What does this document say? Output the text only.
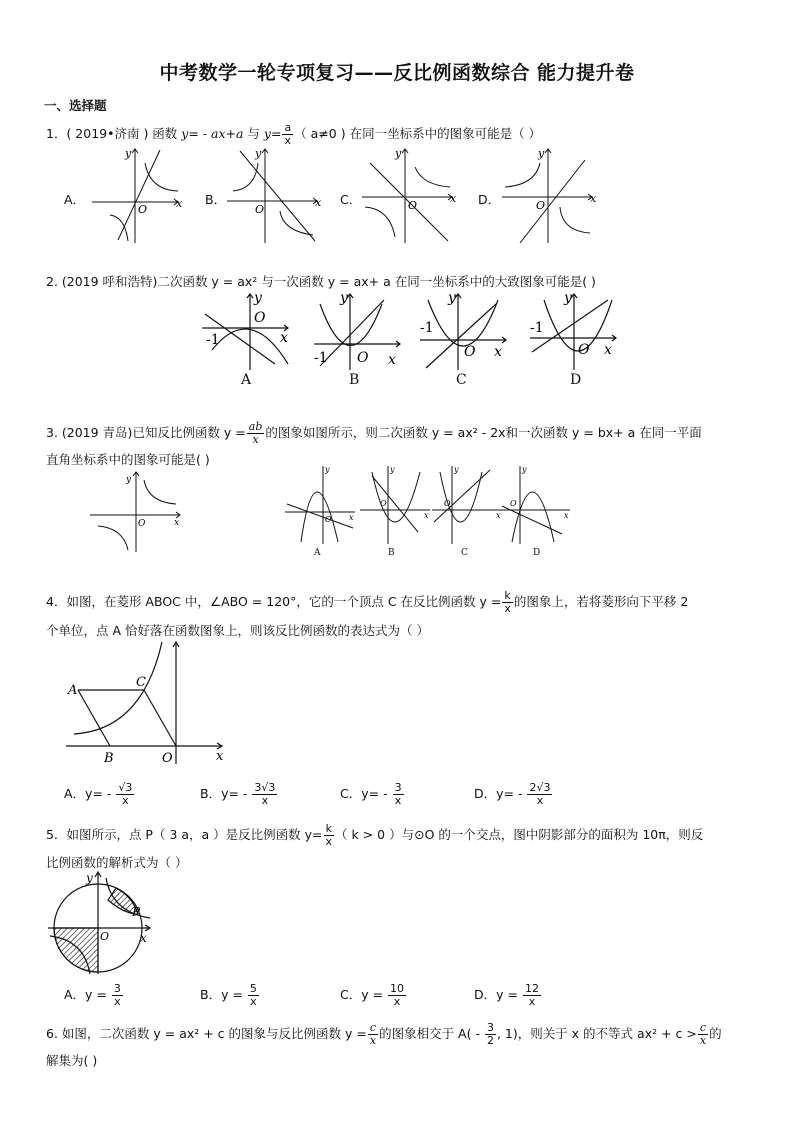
中考数学一轮专项复习——反比例函数综合 能力提升卷
一、选择题
1．( 2019•济南 ) 函数 y= - ax+a 与 $y= \frac{a}{x}$ （ a≠0 ) 在同一坐标系中的图象可能是（ ）
A．	B．	C．	D．
y
x
O
y
x
O
y
x
O
y
x
O
2. (2019 呼和浩特)二次函数 y = ax² 与一次函数 y = ax+ a 在同一坐标系中的大致图象可能是( )
y
x
O
-1
A
y
x
O
-1
B
y
x
O
-1
C
y
x
O
-1
D
3. (2019 青岛)已知反比例函数 $y = \frac{ab}{x}$ 的图象如图所示，则二次函数 y = ax² - 2x和一次函数 y = bx+ a 在同一平面
直角坐标系中的图象可能是( )
y
x
O
y
x
O
A
y
x
O
B
y
x
O
C
y
x
O
D
4．如图，在菱形 ABOC 中，∠ABO = 120°，它的一个顶点 C 在反比例函数 $y = \frac{k}{x}$ 的图象上，若将菱形向下平移 2
个单位，点 A 恰好落在函数图象上，则该反比例函数的表达式为（ ）
A
C
B	O	x
A．$y= - \frac{√3}{x}$	B．$y= - \frac{3√3}{x}$	C．$y= - \frac{3}{x}$	D．$y= - \frac{2√3}{x}$
5．如图所示，点 P（ 3 a，a ）是反比例函数 $y= \frac{k}{x}$ （ k > 0 ）与⊙O 的一个交点，图中阴影部分的面积为 10π，则反
比例函数的解析式为（ ）
y
x
P
O
A．$y = \frac{3}{x}$	B．$y = \frac{5}{x}$	C．$y = \frac{10}{x}$	D．$y = \frac{12}{x}$
6. 如图，二次函数 y = ax² + c 的图象与反比例函数 $y = \frac{c}{x}$ 的图象相交于 $A( - \frac{3}{2}$ , 1)，则关于 x 的不等式 $ax^2 + c > \frac{c}{x}$ 的
解集为( )
